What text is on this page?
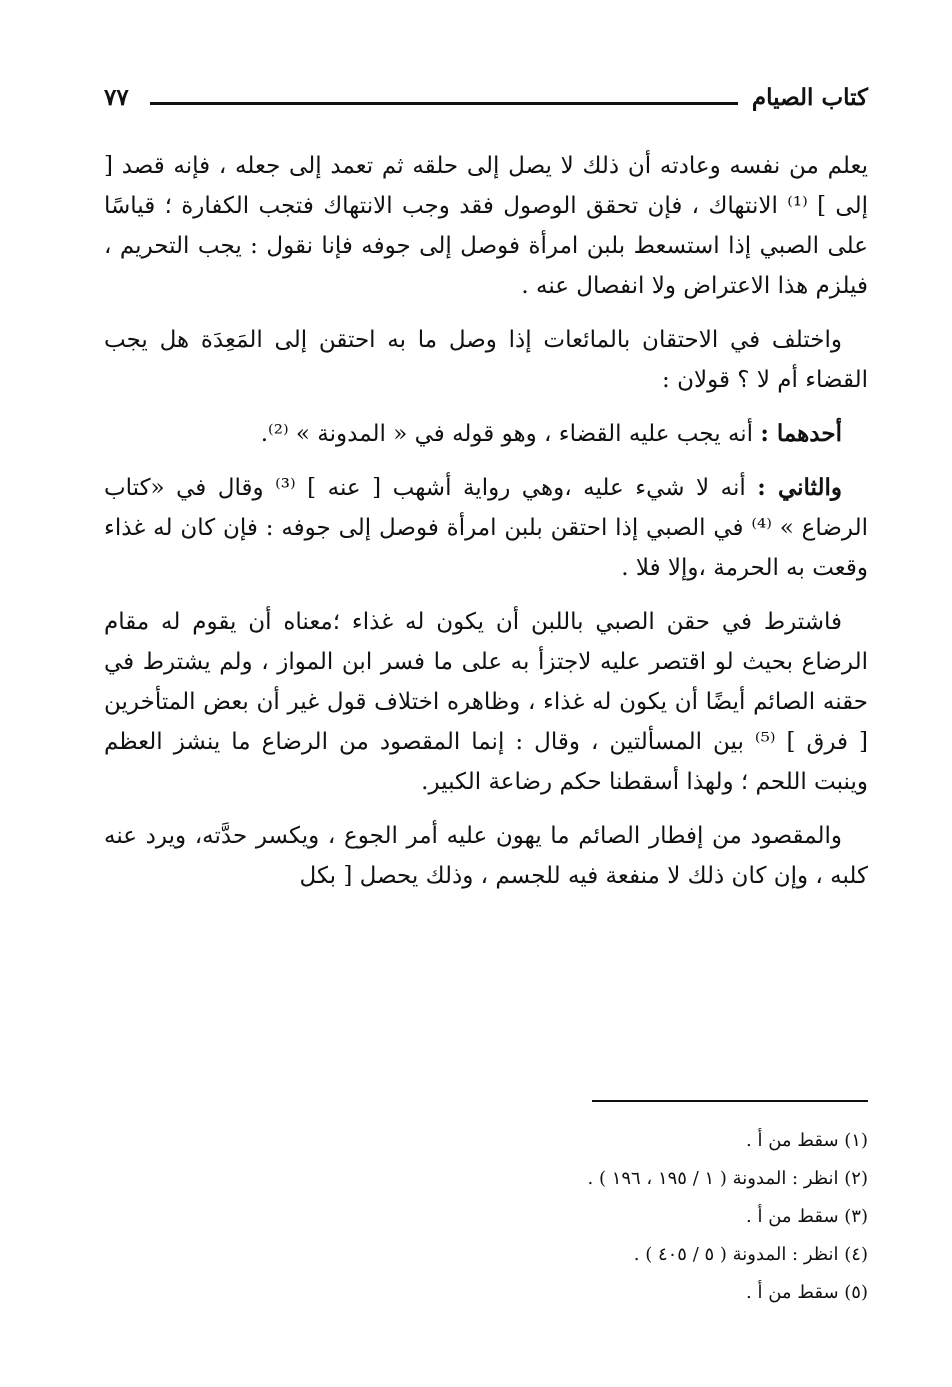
كتاب الصيام
٧٧

يعلم من نفسه وعادته أن ذلك لا يصل إلى حلقه ثم تعمد إلى جعله ، فإنه قصد [ إلى ] ⁽¹⁾ الانتهاك ، فإن تحقق الوصول فقد وجب الانتهاك فتجب الكفارة ؛ قياسًا على الصبي إذا استسعط بلبن امرأة فوصل إلى جوفه فإنا نقول : يجب التحريم ، فيلزم هذا الاعتراض ولا انفصال عنه .

واختلف في الاحتقان بالمائعات إذا وصل ما به احتقن إلى المَعِدَة هل يجب القضاء أم لا ؟ قولان :

أحدهما : أنه يجب عليه القضاء ، وهو قوله في « المدونة » ⁽²⁾.

والثاني : أنه لا شيء عليه ،وهي رواية أشهب [ عنه ] ⁽³⁾ وقال في «كتاب الرضاع » ⁽⁴⁾ في الصبي إذا احتقن بلبن امرأة فوصل إلى جوفه : فإن كان له غذاء وقعت به الحرمة ،وإلا فلا .

فاشترط في حقن الصبي باللبن أن يكون له غذاء ؛معناه أن يقوم له مقام الرضاع بحيث لو اقتصر عليه لاجتزأ به على ما فسر ابن المواز ، ولم يشترط في حقنه الصائم أيضًا أن يكون له غذاء ، وظاهره اختلاف قول غير أن بعض المتأخرين [ فرق ] ⁽⁵⁾ بين المسألتين ، وقال : إنما المقصود من الرضاع ما ينشز العظم وينبت اللحم ؛ ولهذا أسقطنا حكم رضاعة الكبير.

والمقصود من إفطار الصائم ما يهون عليه أمر الجوع ، ويكسر حدَّته، ويرد عنه كلبه ، وإن كان ذلك لا منفعة فيه للجسم ، وذلك يحصل [ بكل

(١) سقط من أ .
(٢) انظر : المدونة ( ١ / ١٩٥ ، ١٩٦ ) .
(٣) سقط من أ .
(٤) انظر : المدونة ( ٥ / ٤٠٥ ) .
(٥) سقط من أ .
